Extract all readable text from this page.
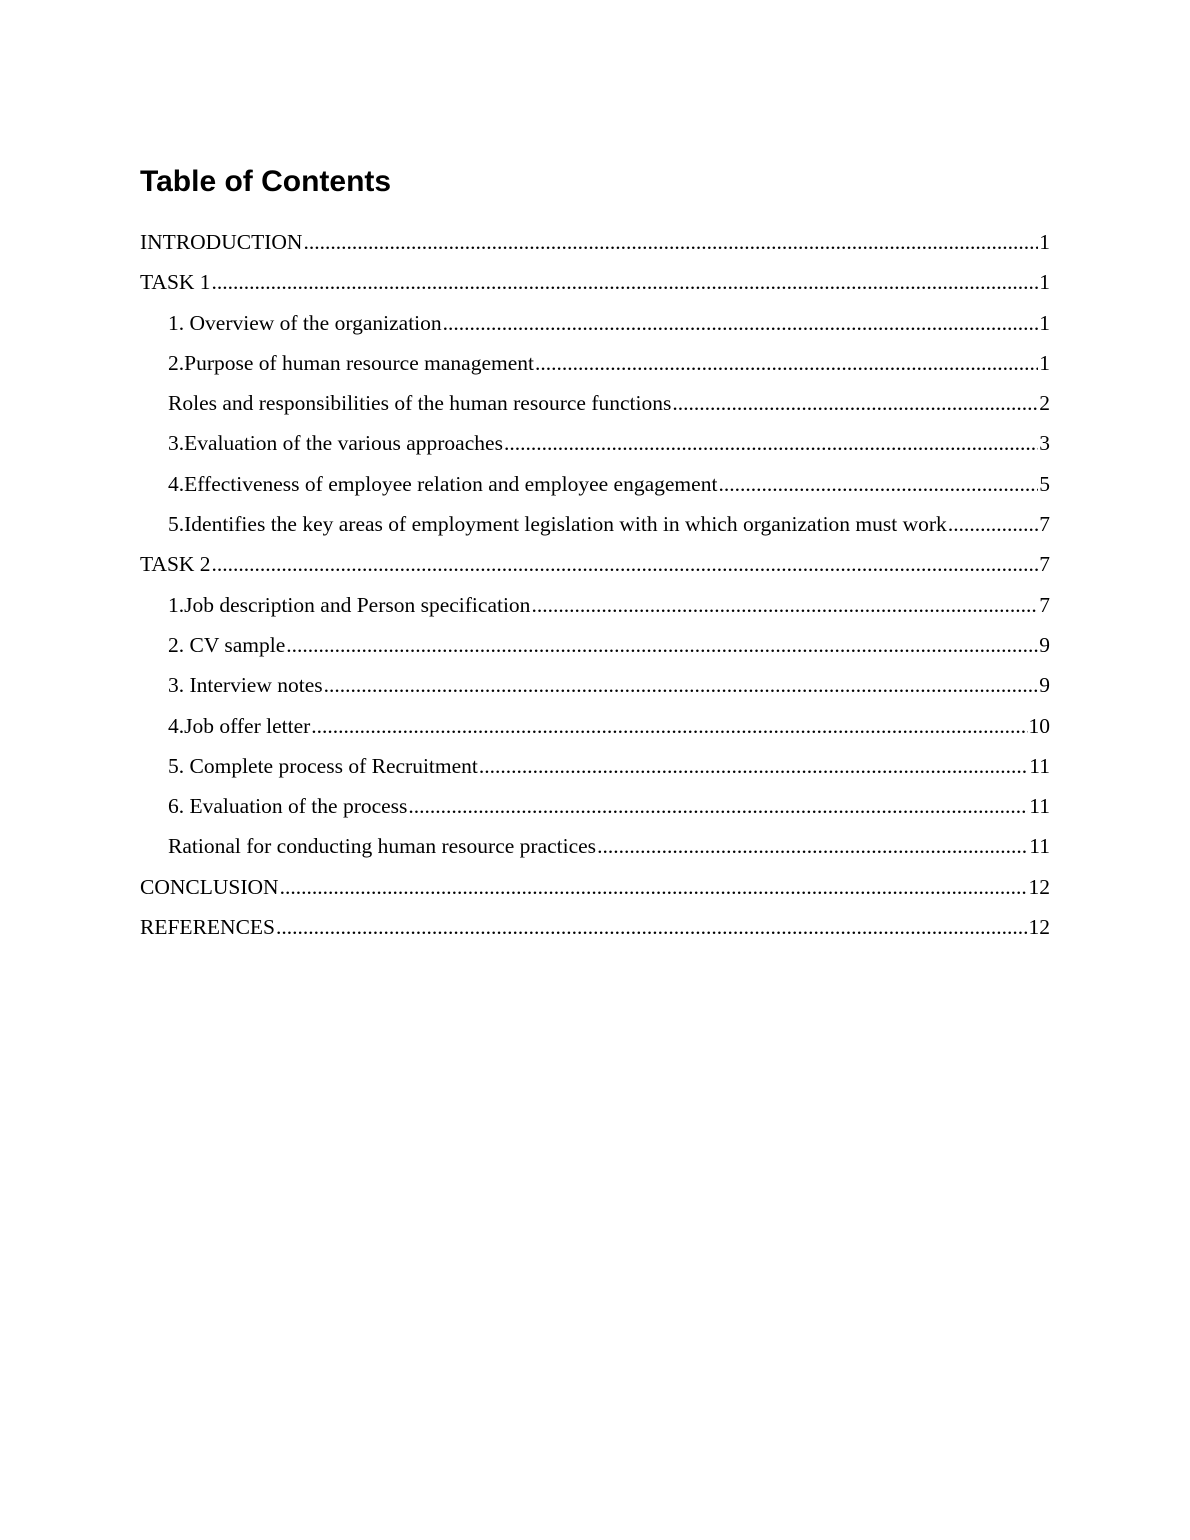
Table of Contents
INTRODUCTION .....	1
TASK 1 .....	1
1. Overview of the organization .....	1
2.Purpose of human resource management .....	1
Roles and responsibilities of the human resource functions .....	2
3.Evaluation of the various approaches .....	3
4.Effectiveness of employee relation and employee engagement .....	5
5.Identifies the key areas of employment legislation with in which organization must work .....	7
TASK 2 .....	7
1.Job description and Person specification .....	7
2. CV sample .....	9
3. Interview notes .....	9
4.Job offer letter .....	10
5. Complete process of Recruitment .....	11
6. Evaluation of the process .....	11
Rational for conducting human resource practices .....	11
CONCLUSION .....	12
REFERENCES .....	12
